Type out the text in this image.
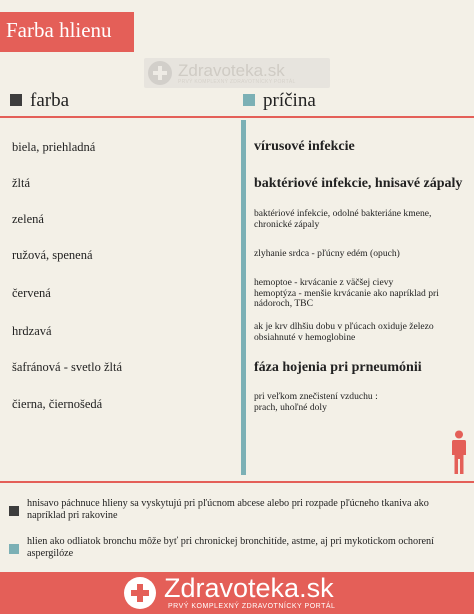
Farba hlienu
Zdravoteka.sk
PRVÝ KOMPLEXNÝ ZDRAVOTNÍCKY PORTÁL
farba	príčina
biela, priehladná
žltá
zelená
ružová, spenená
červená
hrdzavá
šafránová - svetlo žltá
čierna, čiernošedá
vírusové infekcie
baktériové infekcie, hnisavé zápaly
baktériové infekcie, odolné bakteriáne kmene, chronické zápaly
zlyhanie srdca - pľúcny edém (opuch)
hemoptoe - krvácanie z väčšej cievy
hemoptýza - menšie krvácanie ako napríklad pri nádoroch, TBC
ak je krv dlhšiu dobu v pľúcach oxiduje železo obsiahnuté v hemoglobine
fáza hojenia pri prneumónii
pri veľkom znečistení vzduchu :
prach, uhoľné doly
hnisavo páchnuce hlieny sa vyskytujú pri pľúcnom abcese alebo pri rozpade pľúcneho tkaniva ako napríklad pri rakovine
hlien ako odliatok bronchu môže byť pri chronickej bronchitíde, astme, aj pri mykotickom ochorení aspergilóze
Zdravoteka.sk
PRVÝ KOMPLEXNÝ ZDRAVOTNÍCKY PORTÁL
